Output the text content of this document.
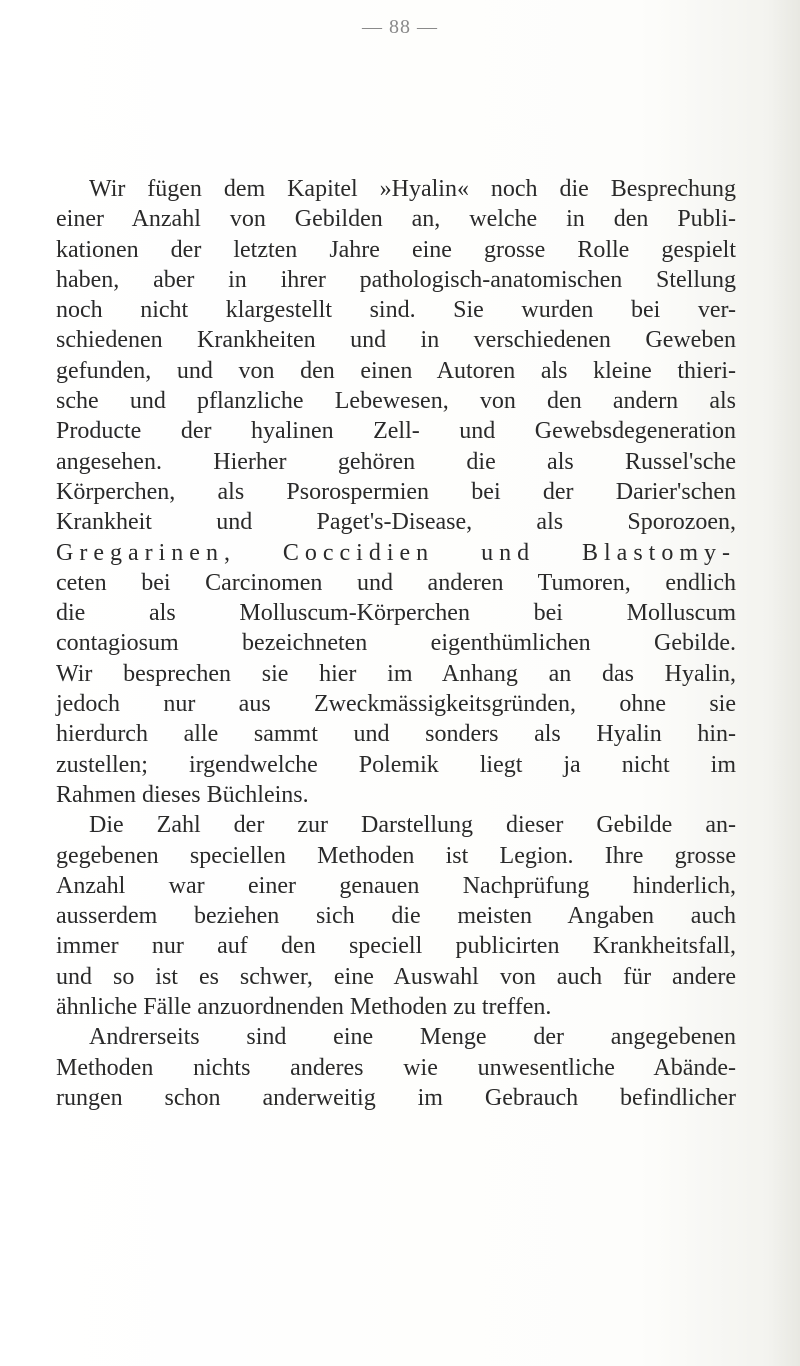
— 88 —
Wir fügen dem Kapitel »Hyalin« noch die Besprechung
einer Anzahl von Gebilden an, welche in den Publi-
kationen der letzten Jahre eine grosse Rolle gespielt
haben, aber in ihrer pathologisch-anatomischen Stellung
noch nicht klargestellt sind. Sie wurden bei ver-
schiedenen Krankheiten und in verschiedenen Geweben
gefunden, und von den einen Autoren als kleine thieri-
sche und pflanzliche Lebewesen, von den andern als
Producte der hyalinen Zell- und Gewebsdegeneration
angesehen. Hierher gehören die als Russel'sche
Körperchen, als Psorospermien bei der Darier'schen
Krankheit und Paget's-Disease, als Sporozoen,
Gregarinen, Coccidien und Blastomy-
ceten bei Carcinomen und anderen Tumoren, endlich
die als Molluscum-Körperchen bei Molluscum
contagiosum bezeichneten eigenthümlichen Gebilde.
Wir besprechen sie hier im Anhang an das Hyalin,
jedoch nur aus Zweckmässigkeitsgründen, ohne sie
hierdurch alle sammt und sonders als Hyalin hin-
zustellen; irgendwelche Polemik liegt ja nicht im
Rahmen dieses Büchleins.
Die Zahl der zur Darstellung dieser Gebilde an-
gegebenen speciellen Methoden ist Legion. Ihre grosse
Anzahl war einer genauen Nachprüfung hinderlich,
ausserdem beziehen sich die meisten Angaben auch
immer nur auf den speciell publicirten Krankheitsfall,
und so ist es schwer, eine Auswahl von auch für andere
ähnliche Fälle anzuordnenden Methoden zu treffen.
Andrerseits sind eine Menge der angegebenen
Methoden nichts anderes wie unwesentliche Abände-
rungen schon anderweitig im Gebrauch befindlicher
